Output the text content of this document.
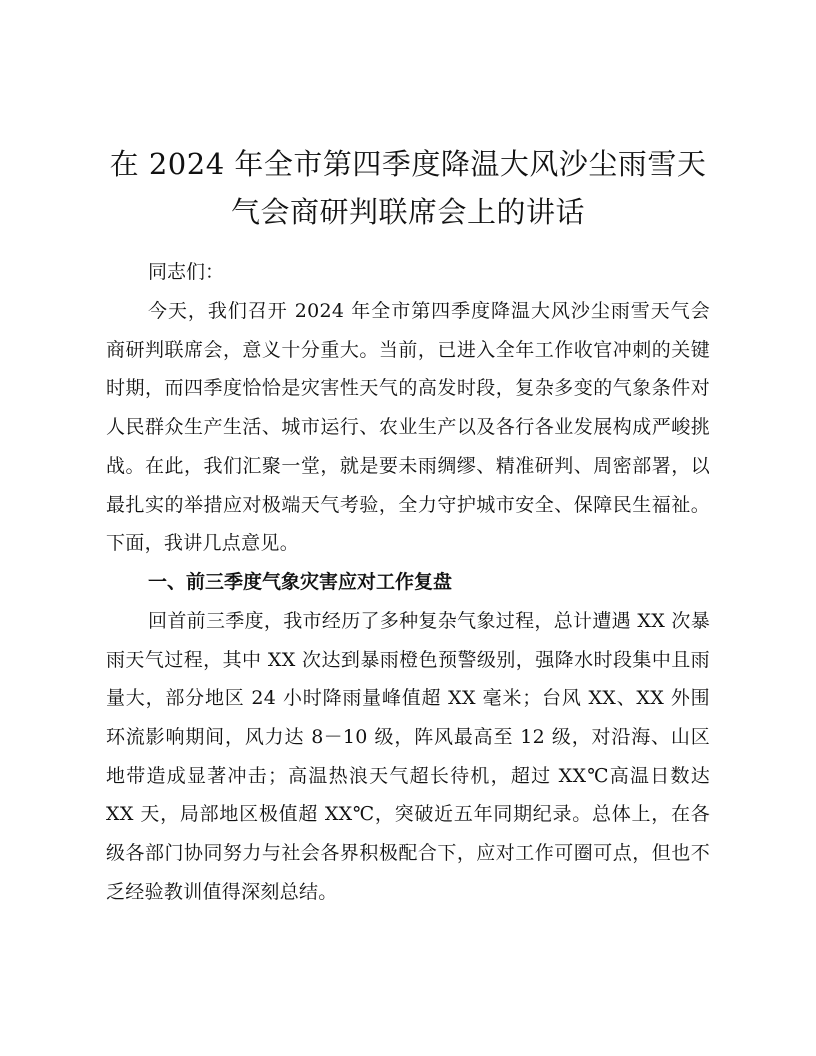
在 2024 年全市第四季度降温大风沙尘雨雪天
气会商研判联席会上的讲话

同志们：

今天，我们召开 2024 年全市第四季度降温大风沙尘雨雪天气会商研判联席会，意义十分重大。当前，已进入全年工作收官冲刺的关键时期，而四季度恰恰是灾害性天气的高发时段，复杂多变的气象条件对人民群众生产生活、城市运行、农业生产以及各行各业发展构成严峻挑战。在此，我们汇聚一堂，就是要未雨绸缪、精准研判、周密部署，以最扎实的举措应对极端天气考验，全力守护城市安全、保障民生福祉。下面，我讲几点意见。

一、前三季度气象灾害应对工作复盘

回首前三季度，我市经历了多种复杂气象过程，总计遭遇 XX 次暴雨天气过程，其中 XX 次达到暴雨橙色预警级别，强降水时段集中且雨量大，部分地区 24 小时降雨量峰值超 XX 毫米；台风 XX、XX 外围环流影响期间，风力达 8－10 级，阵风最高至 12 级，对沿海、山区地带造成显著冲击；高温热浪天气超长待机，超过 XX℃高温日数达 XX 天，局部地区极值超 XX℃，突破近五年同期纪录。总体上，在各级各部门协同努力与社会各界积极配合下，应对工作可圈可点，但也不乏经验教训值得深刻总结。
